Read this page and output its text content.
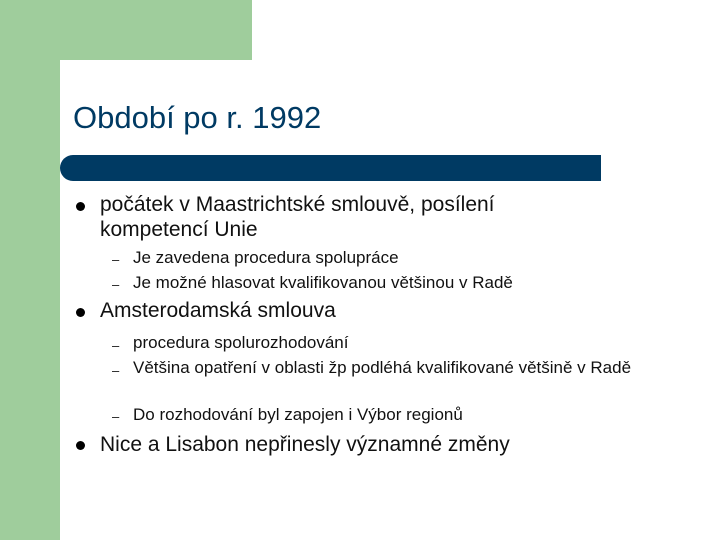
Období po r. 1992
počátek v Maastrichtské smlouvě, posílení kompetencí Unie
– Je zavedena procedura spolupráce
– Je možné hlasovat kvalifikovanou většinou v Radě
Amsterodamská smlouva
– procedura spolurozhodování
– Většina opatření v oblasti žp podléhá kvalifikované většině v Radě
– Do rozhodování byl zapojen i Výbor regionů
Nice a Lisabon nepřinesly významné změny
